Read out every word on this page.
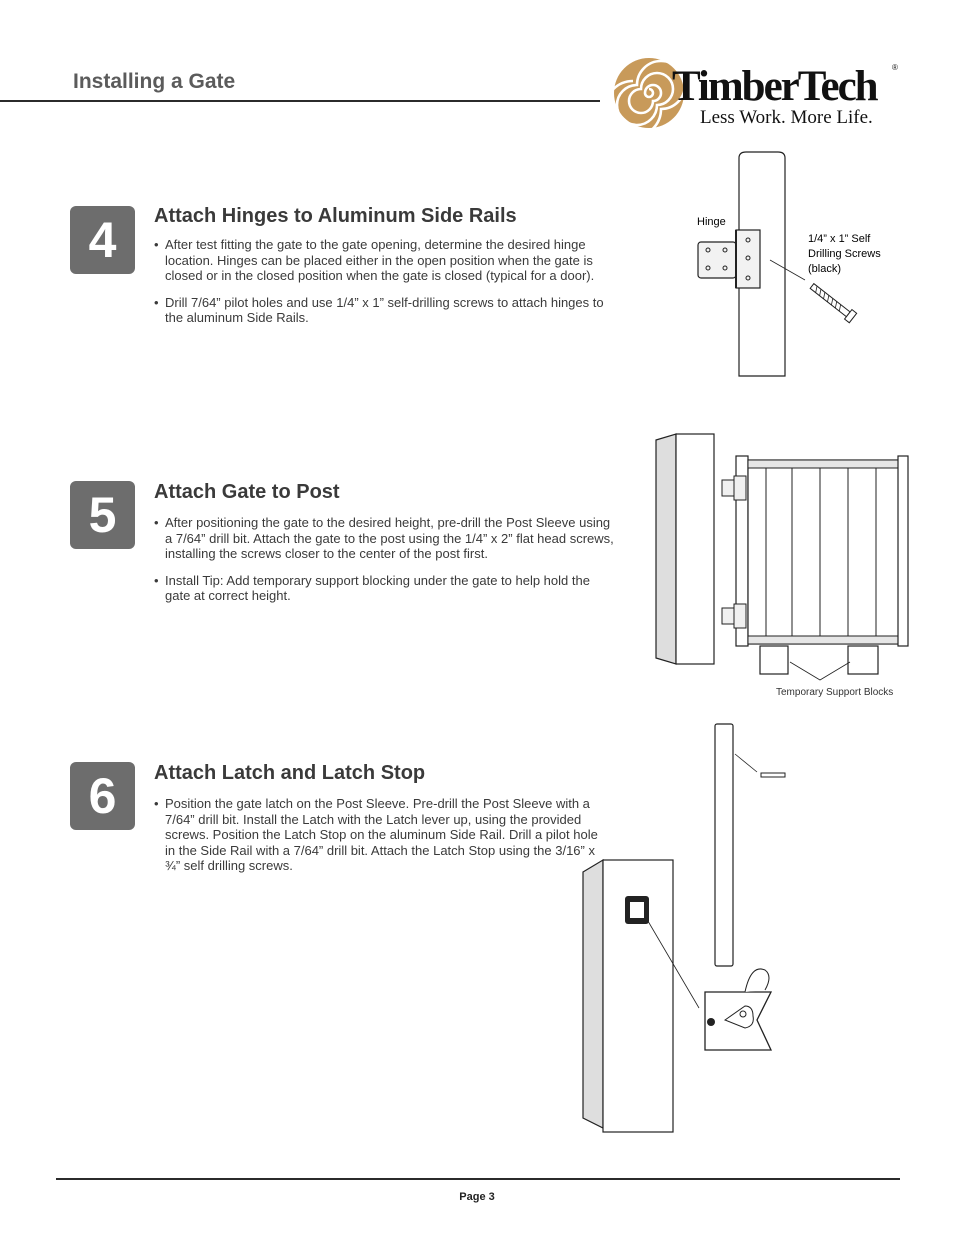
Installing a Gate	TimberTech ®
Less Work. More Life.
4	Attach Hinges to Aluminum Side Rails
• After test fitting the gate to the gate opening, determine the desired hinge location. Hinges can be placed either in the open position when the gate is closed or in the closed position when the gate is closed (typical for a door).
• Drill 7/64” pilot holes and use 1/4” x 1” self-drilling screws to attach hinges to the aluminum Side Rails.
Hinge
1/4” x 1” Self
Drilling Screws
(black)
5	Attach Gate to Post
• After positioning the gate to the desired height, pre-drill the Post Sleeve using a 7/64” drill bit. Attach the gate to the post using the 1/4” x 2” flat head screws, installing the screws closer to the center of the post first.
• Install Tip: Add temporary support blocking under the gate to help hold the gate at correct height.
Temporary Support Blocks
6	Attach Latch and Latch Stop
• Position the gate latch on the Post Sleeve. Pre-drill the Post Sleeve with a 7/64” drill bit. Install the Latch with the Latch lever up, using the provided screws. Position the Latch Stop on the aluminum Side Rail. Drill a pilot hole in the Side Rail with a 7/64” drill bit. Attach the Latch Stop using the 3/16” x ¾” self drilling screws.
Page 3
